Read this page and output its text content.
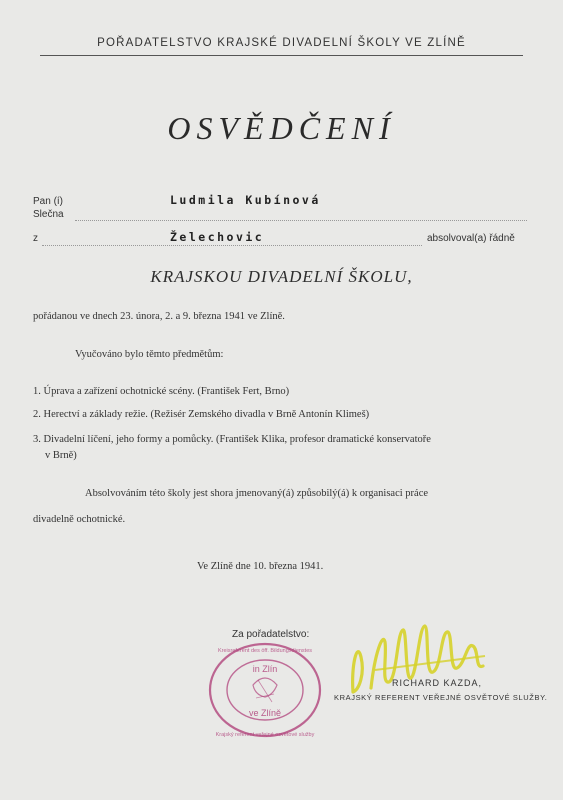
POŘADATELSTVO KRAJSKÉ DIVADELNÍ ŠKOLY VE ZLÍNĚ
OSVĚDČENÍ
Pan (í)
Slečna
Ludmila Kubínová
z	Želechovic	absolvoval(a) řádně
KRAJSKOU DIVADELNÍ ŠKOLU,
pořádanou ve dnech 23. února, 2. a 9. března 1941 ve Zlíně.
Vyučováno bylo těmto předmětům:
1. Úprava a zařízení ochotnické scény. (František Fert, Brno)
2. Herectví a základy režie. (Režisér Zemského divadla v Brně Antonín Klimeš)
3. Divadelní líčení, jeho formy a pomůcky. (František Klika, profesor dramatické konservatoře
v Brně)
Absolvováním této školy jest shora jmenovaný(á) způsobilý(á) k organisaci práce
divadelně ochotnické.
Ve Zlíně dne 10. března 1941.
Za pořadatelstvo:
in Zlín
ve Zlíně
Kreisreferent des öff. Bildungsdienstes
Krajský referent veřejné osvětové služby
RICHARD KAZDA,
KRAJSKÝ REFERENT VEŘEJNÉ OSVĚTOVÉ SLUŽBY.
